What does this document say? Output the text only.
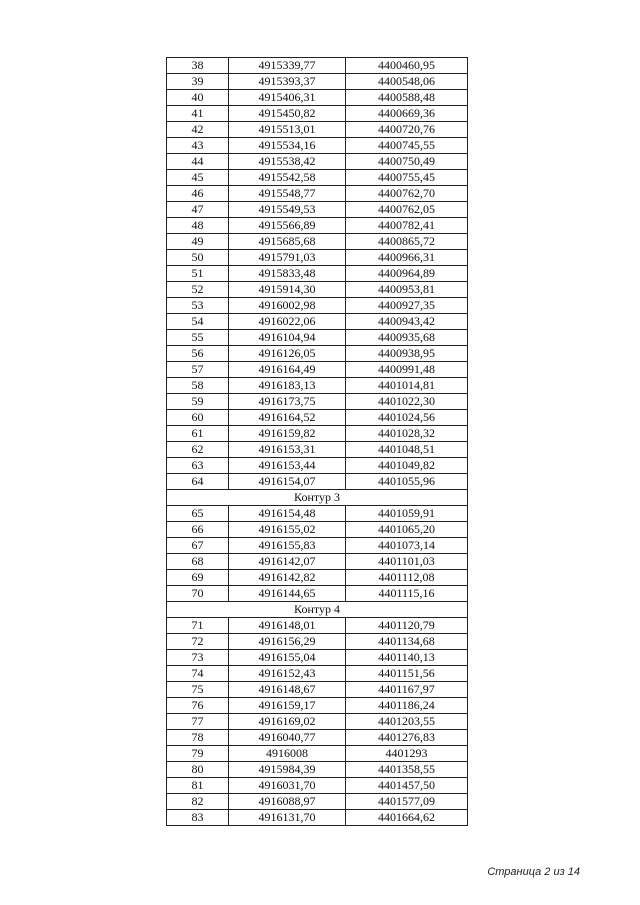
38	4915339,77	4400460,95
39	4915393,37	4400548,06
40	4915406,31	4400588,48
41	4915450,82	4400669,36
42	4915513,01	4400720,76
43	4915534,16	4400745,55
44	4915538,42	4400750,49
45	4915542,58	4400755,45
46	4915548,77	4400762,70
47	4915549,53	4400762,05
48	4915566,89	4400782,41
49	4915685,68	4400865,72
50	4915791,03	4400966,31
51	4915833,48	4400964,89
52	4915914,30	4400953,81
53	4916002,98	4400927,35
54	4916022,06	4400943,42
55	4916104,94	4400935,68
56	4916126,05	4400938,95
57	4916164,49	4400991,48
58	4916183,13	4401014,81
59	4916173,75	4401022,30
60	4916164,52	4401024,56
61	4916159,82	4401028,32
62	4916153,31	4401048,51
63	4916153,44	4401049,82
64	4916154,07	4401055,96
Контур 3		
65	4916154,48	4401059,91
66	4916155,02	4401065,20
67	4916155,83	4401073,14
68	4916142,07	4401101,03
69	4916142,82	4401112,08
70	4916144,65	4401115,16
Контур 4		
71	4916148,01	4401120,79
72	4916156,29	4401134,68
73	4916155,04	4401140,13
74	4916152,43	4401151,56
75	4916148,67	4401167,97
76	4916159,17	4401186,24
77	4916169,02	4401203,55
78	4916040,77	4401276,83
79	4916008	4401293
80	4915984,39	4401358,55
81	4916031,70	4401457,50
82	4916088,97	4401577,09
83	4916131,70	4401664,62
Страница 2 из 14
